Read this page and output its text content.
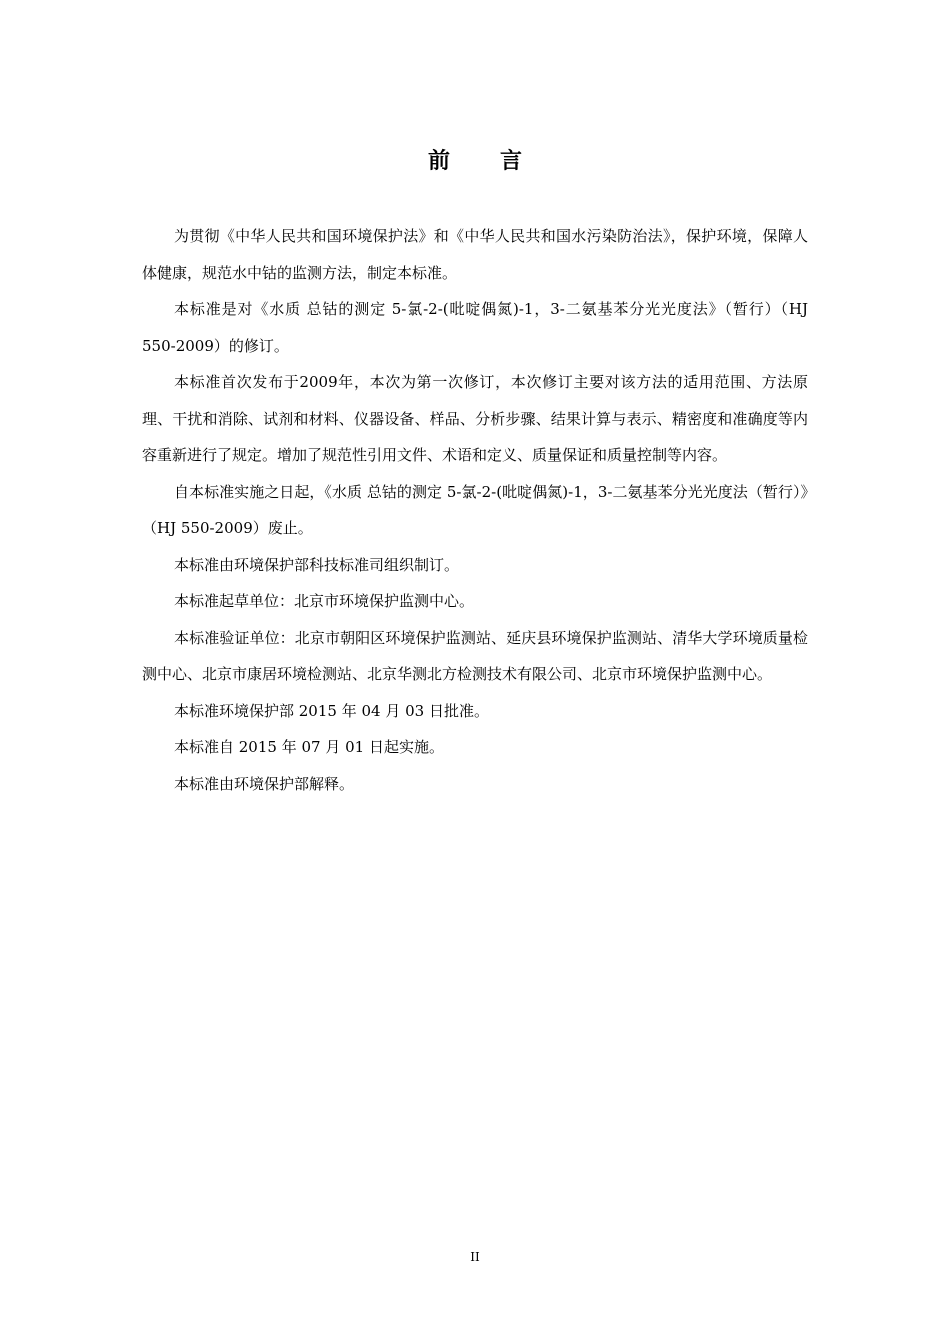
前 言

为贯彻《中华人民共和国环境保护法》和《中华人民共和国水污染防治法》，保护环境，保障人体健康，规范水中钴的监测方法，制定本标准。

本标准是对《水质 总钴的测定 5-氯-2-(吡啶偶氮)-1，3-二氨基苯分光光度法》（暂行）（HJ 550-2009）的修订。

本标准首次发布于2009年，本次为第一次修订，本次修订主要对该方法的适用范围、方法原理、干扰和消除、试剂和材料、仪器设备、样品、分析步骤、结果计算与表示、精密度和准确度等内容重新进行了规定。增加了规范性引用文件、术语和定义、质量保证和质量控制等内容。

自本标准实施之日起，《水质 总钴的测定 5-氯-2-(吡啶偶氮)-1，3-二氨基苯分光光度法（暂行）》（HJ 550-2009）废止。

本标准由环境保护部科技标准司组织制订。

本标准起草单位：北京市环境保护监测中心。

本标准验证单位：北京市朝阳区环境保护监测站、延庆县环境保护监测站、清华大学环境质量检测中心、北京市康居环境检测站、北京华测北方检测技术有限公司、北京市环境保护监测中心。

本标准环境保护部 2015 年 04 月 03 日批准。

本标准自 2015 年 07 月 01 日起实施。

本标准由环境保护部解释。

II
